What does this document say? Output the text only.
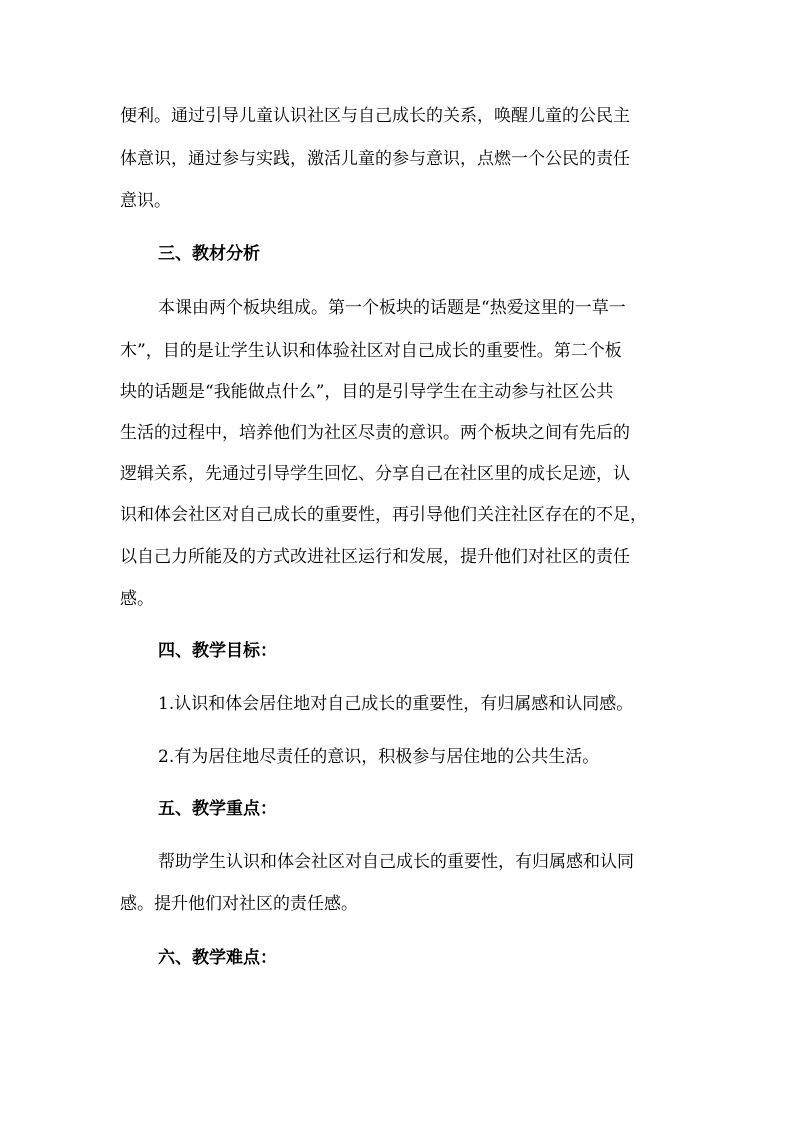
便利。通过引导儿童认识社区与自己成长的关系，唤醒儿童的公民主
体意识，通过参与实践，激活儿童的参与意识，点燃一个公民的责任
意识。
三、教材分析
本课由两个板块组成。第一个板块的话题是“热爱这里的一草一
木”，目的是让学生认识和体验社区对自己成长的重要性。第二个板
块的话题是“我能做点什么”，目的是引导学生在主动参与社区公共
生活的过程中，培养他们为社区尽责的意识。两个板块之间有先后的
逻辑关系，先通过引导学生回忆、分享自己在社区里的成长足迹，认
识和体会社区对自己成长的重要性，再引导他们关注社区存在的不足，
以自己力所能及的方式改进社区运行和发展，提升他们对社区的责任
感。
四、教学目标：
1.认识和体会居住地对自己成长的重要性，有归属感和认同感。
2.有为居住地尽责任的意识，积极参与居住地的公共生活。
五、教学重点：
帮助学生认识和体会社区对自己成长的重要性，有归属感和认同
感。提升他们对社区的责任感。
六、教学难点：
